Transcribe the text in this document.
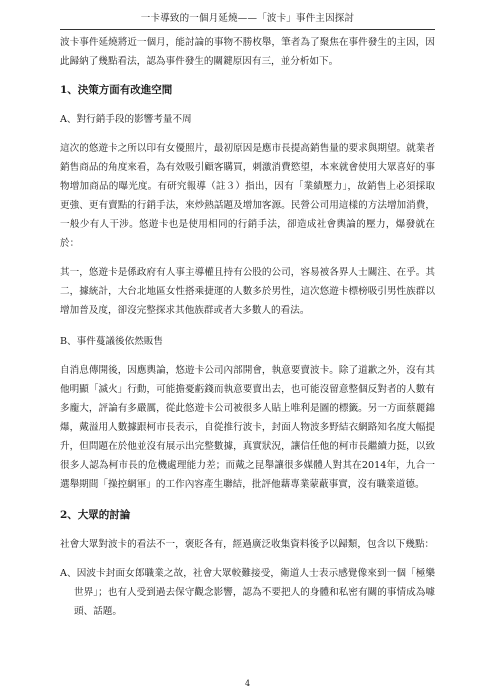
一卡導致的一個月延燒——「波卡」事件主因探討

波卡事件延燒將近一個月，能討論的事物不勝枚舉，筆者為了聚焦在事件發生的主因，因此歸納了幾點看法，認為事件發生的關鍵原因有三，並分析如下。

1、決策方面有改進空間

A、對行銷手段的影響考量不周

這次的悠遊卡之所以印有女優照片，最初原因是應市長提高銷售量的要求與期望。就業者銷售商品的角度來看，為有效吸引顧客購買，刺激消費慾望，本來就會使用大眾喜好的事物增加商品的曝光度。有研究報導（註３）指出，因有「業績壓力」，故銷售上必須採取更強、更有賣點的行銷手法，來炒熱話題及增加客源。民營公司用這樣的方法增加消費，一般少有人干涉。悠遊卡也是使用相同的行銷手法，卻造成社會輿論的壓力，爆發就在於：

其一，悠遊卡是係政府有人事主導權且持有公股的公司，容易被各界人士關注、在乎。其二，據統計，大台北地區女性搭乘捷運的人數多於男性，這次悠遊卡標榜吸引男性族群以增加普及度，卻沒完整探求其他族群或者大多數人的看法。

B、事件蔓議後依然販售

自消息傳開後，因應輿論，悠遊卡公司內部開會，執意要賣波卡。除了道歉之外，沒有其他明顯「滅火」行動，可能擔憂虧錢而執意要賣出去，也可能沒留意整個反對者的人數有多龐大，評論有多嚴厲，從此悠遊卡公司被很多人貼上唯利是圖的標籤。另一方面蔡麗錦爆，戴溢用人數據跟柯市長表示，自從推行波卡，封面人物波多野結衣網路知名度大幅提升，但問題在於他並沒有展示出完整數據，真實狀況，讓信任他的柯市長繼續力挺，以致很多人認為柯市長的危機處理能力差；而戴之昆舉讓很多媒體人對其在2014年，九合一選舉期間「操控網軍」的工作內容產生聯結，批評他藉專業蒙蔽事實，沒有職業道德。

2、大眾的討論

社會大眾對波卡的看法不一，褒貶各有，經過廣泛收集資料後予以歸類，包含以下幾點：

A、因波卡封面女郎職業之故，社會大眾較難接受，衛道人士表示感覺像來到一個「極樂世界」；也有人受到過去保守觀念影響，認為不要把人的身體和私密有關的事情成為噱頭、話題。

4
